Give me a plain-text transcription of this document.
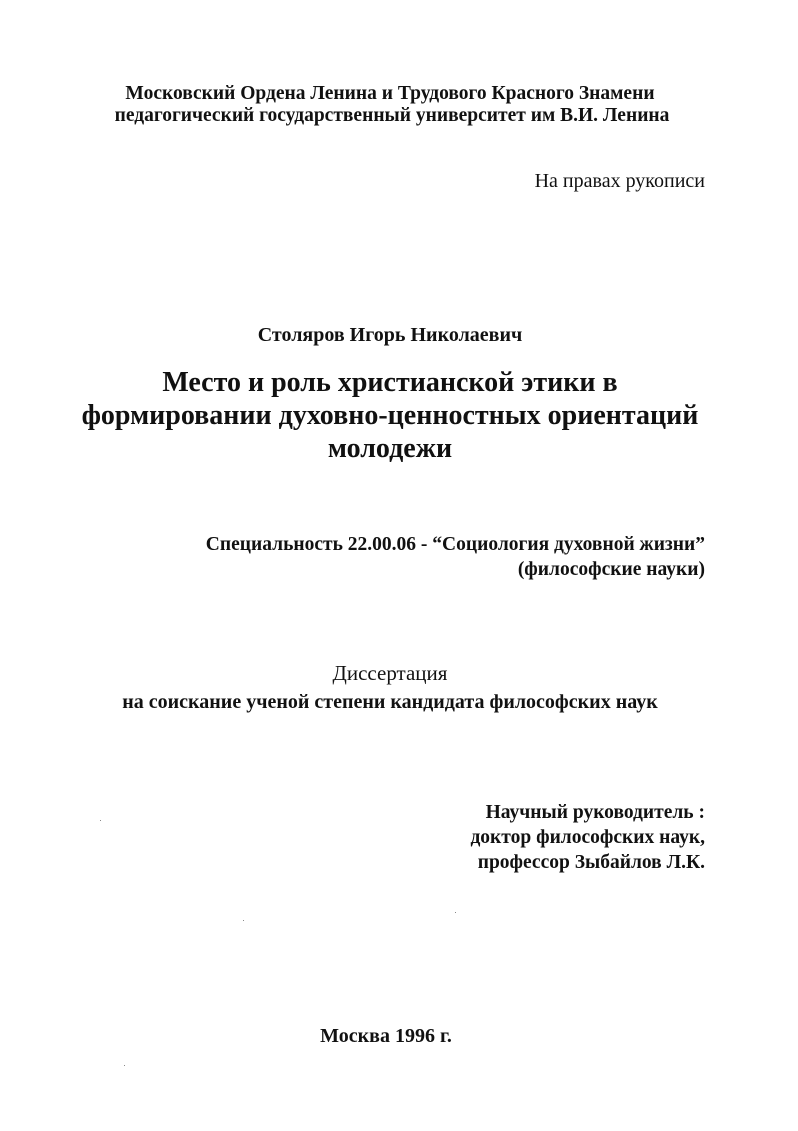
Московский Ордена Ленина и Трудового Красного Знамени
педагогический государственный университет им В.И. Ленина
На правах рукописи
Столяров Игорь Николаевич
Место и роль христианской этики в
формировании духовно-ценностных ориентаций
молодежи
Специальность 22.00.06 - “Социология духовной жизни”
(философские науки)
Диссертация
на соискание ученой степени кандидата философских наук
Научный руководитель :
доктор философских наук,
профессор Зыбайлов Л.К.
Москва 1996 г.
